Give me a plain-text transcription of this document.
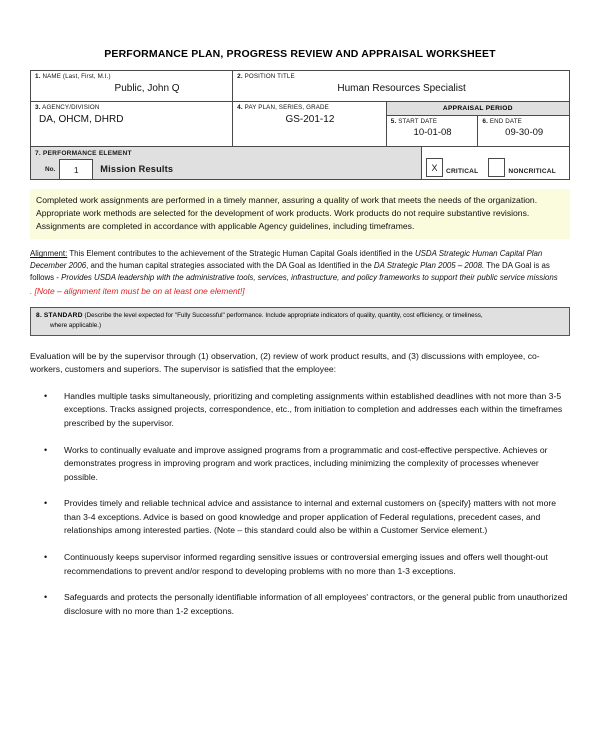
PERFORMANCE PLAN, PROGRESS REVIEW AND APPRAISAL WORKSHEET
1. NAME (Last, First, M.I.)
Public, John Q

2. POSITION TITLE
Human Resources Specialist

3. AGENCY/DIVISION
DA, OHCM, DHRD

4. PAY PLAN, SERIES, GRADE
GS-201-12

APPRAISAL PERIOD

5. START DATE
10-01-08

6. END DATE
09-30-09
7. PERFORMANCE ELEMENT
No.	1	Mission Results	X	CRITICAL	NONCRITICAL
Completed work assignments are performed in a timely manner, assuring a quality of work that meets the needs of the organization. Appropriate work methods are selected for the development of work products. Work products do not require substantive revisions. Assignments are completed in accordance with applicable Agency guidelines, including timeframes.
Alignment: This Element contributes to the achievement of the Strategic Human Capital Goals identified in the USDA Strategic Human Capital Plan December 2006, and the human capital strategies associated with the DA Goal as Identified in the DA Strategic Plan 2005 – 2008. The DA Goal is as follows - Provides USDA leadership with the administrative tools, services, infrastructure, and policy frameworks to support their public service missions
. [Note – alignment item must be on at least one element!]
8. STANDARD (Describe the level expected for "Fully Successful" performance. Include appropriate indicators of quality, quantity, cost efficiency, or timeliness,
where applicable.)
Evaluation will be by the supervisor through (1) observation, (2) review of work product results, and (3) discussions with employee, co-workers, customers and superiors. The supervisor is satisfied that the employee:
• Handles multiple tasks simultaneously, prioritizing and completing assignments within established deadlines with not more than 3-5 exceptions. Tracks assigned projects, correspondence, etc., from initiation to completion and addresses each within the timeframes prescribed by the supervisor.
• Works to continually evaluate and improve assigned programs from a programmatic and cost-effective perspective. Achieves or demonstrates progress in improving program and work practices, including minimizing the complexity of processes whenever possible.
• Provides timely and reliable technical advice and assistance to internal and external customers on {specify} matters with not more than 3-4 exceptions. Advice is based on good knowledge and proper application of Federal regulations, precedent cases, and relationships among interested parties. (Note – this standard could also be within a Customer Service element.)
• Continuously keeps supervisor informed regarding sensitive issues or controversial emerging issues and offers well thought-out recommendations to prevent and/or respond to developing problems with no more than 1-3 exceptions.
• Safeguards and protects the personally identifiable information of all employees' contractors, or the general public from unauthorized disclosure with no more than 1-2 exceptions.
